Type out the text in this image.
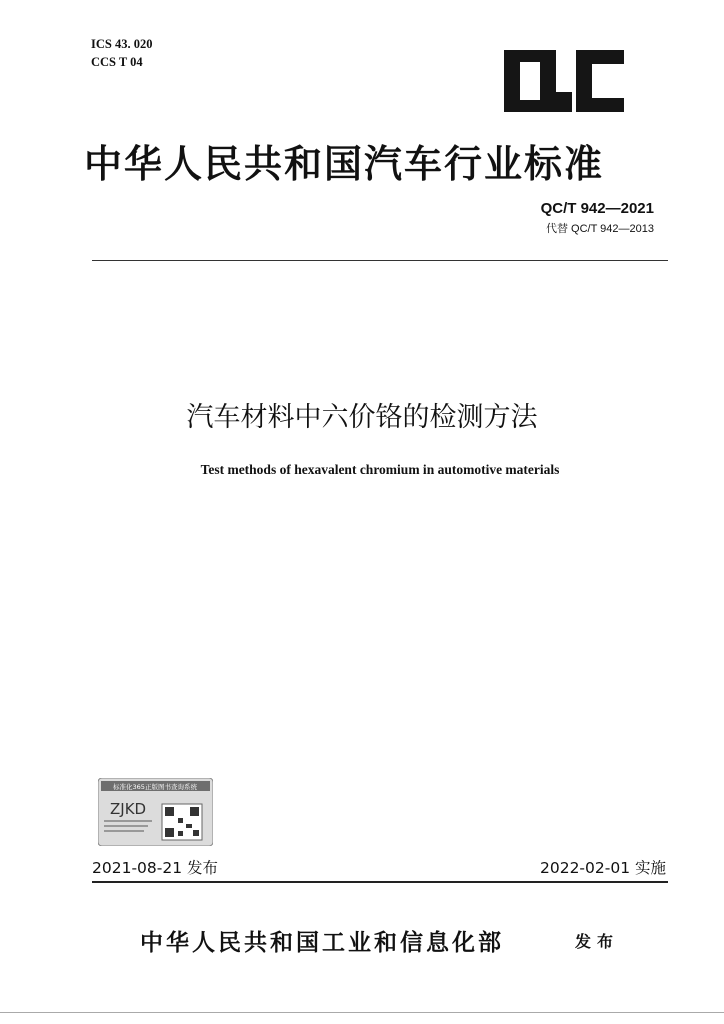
ICS 43. 020
CCS T 04
中华人民共和国汽车行业标准
QC/T 942—2021
代替 QC/T 942—2013
汽车材料中六价铬的检测方法
Test methods of hexavalent chromium in automotive materials
标准化365正版图书查询系统
ZJKD
2021-08-21 发布	2022-02-01 实施
中华人民共和国工业和信息化部	发布
